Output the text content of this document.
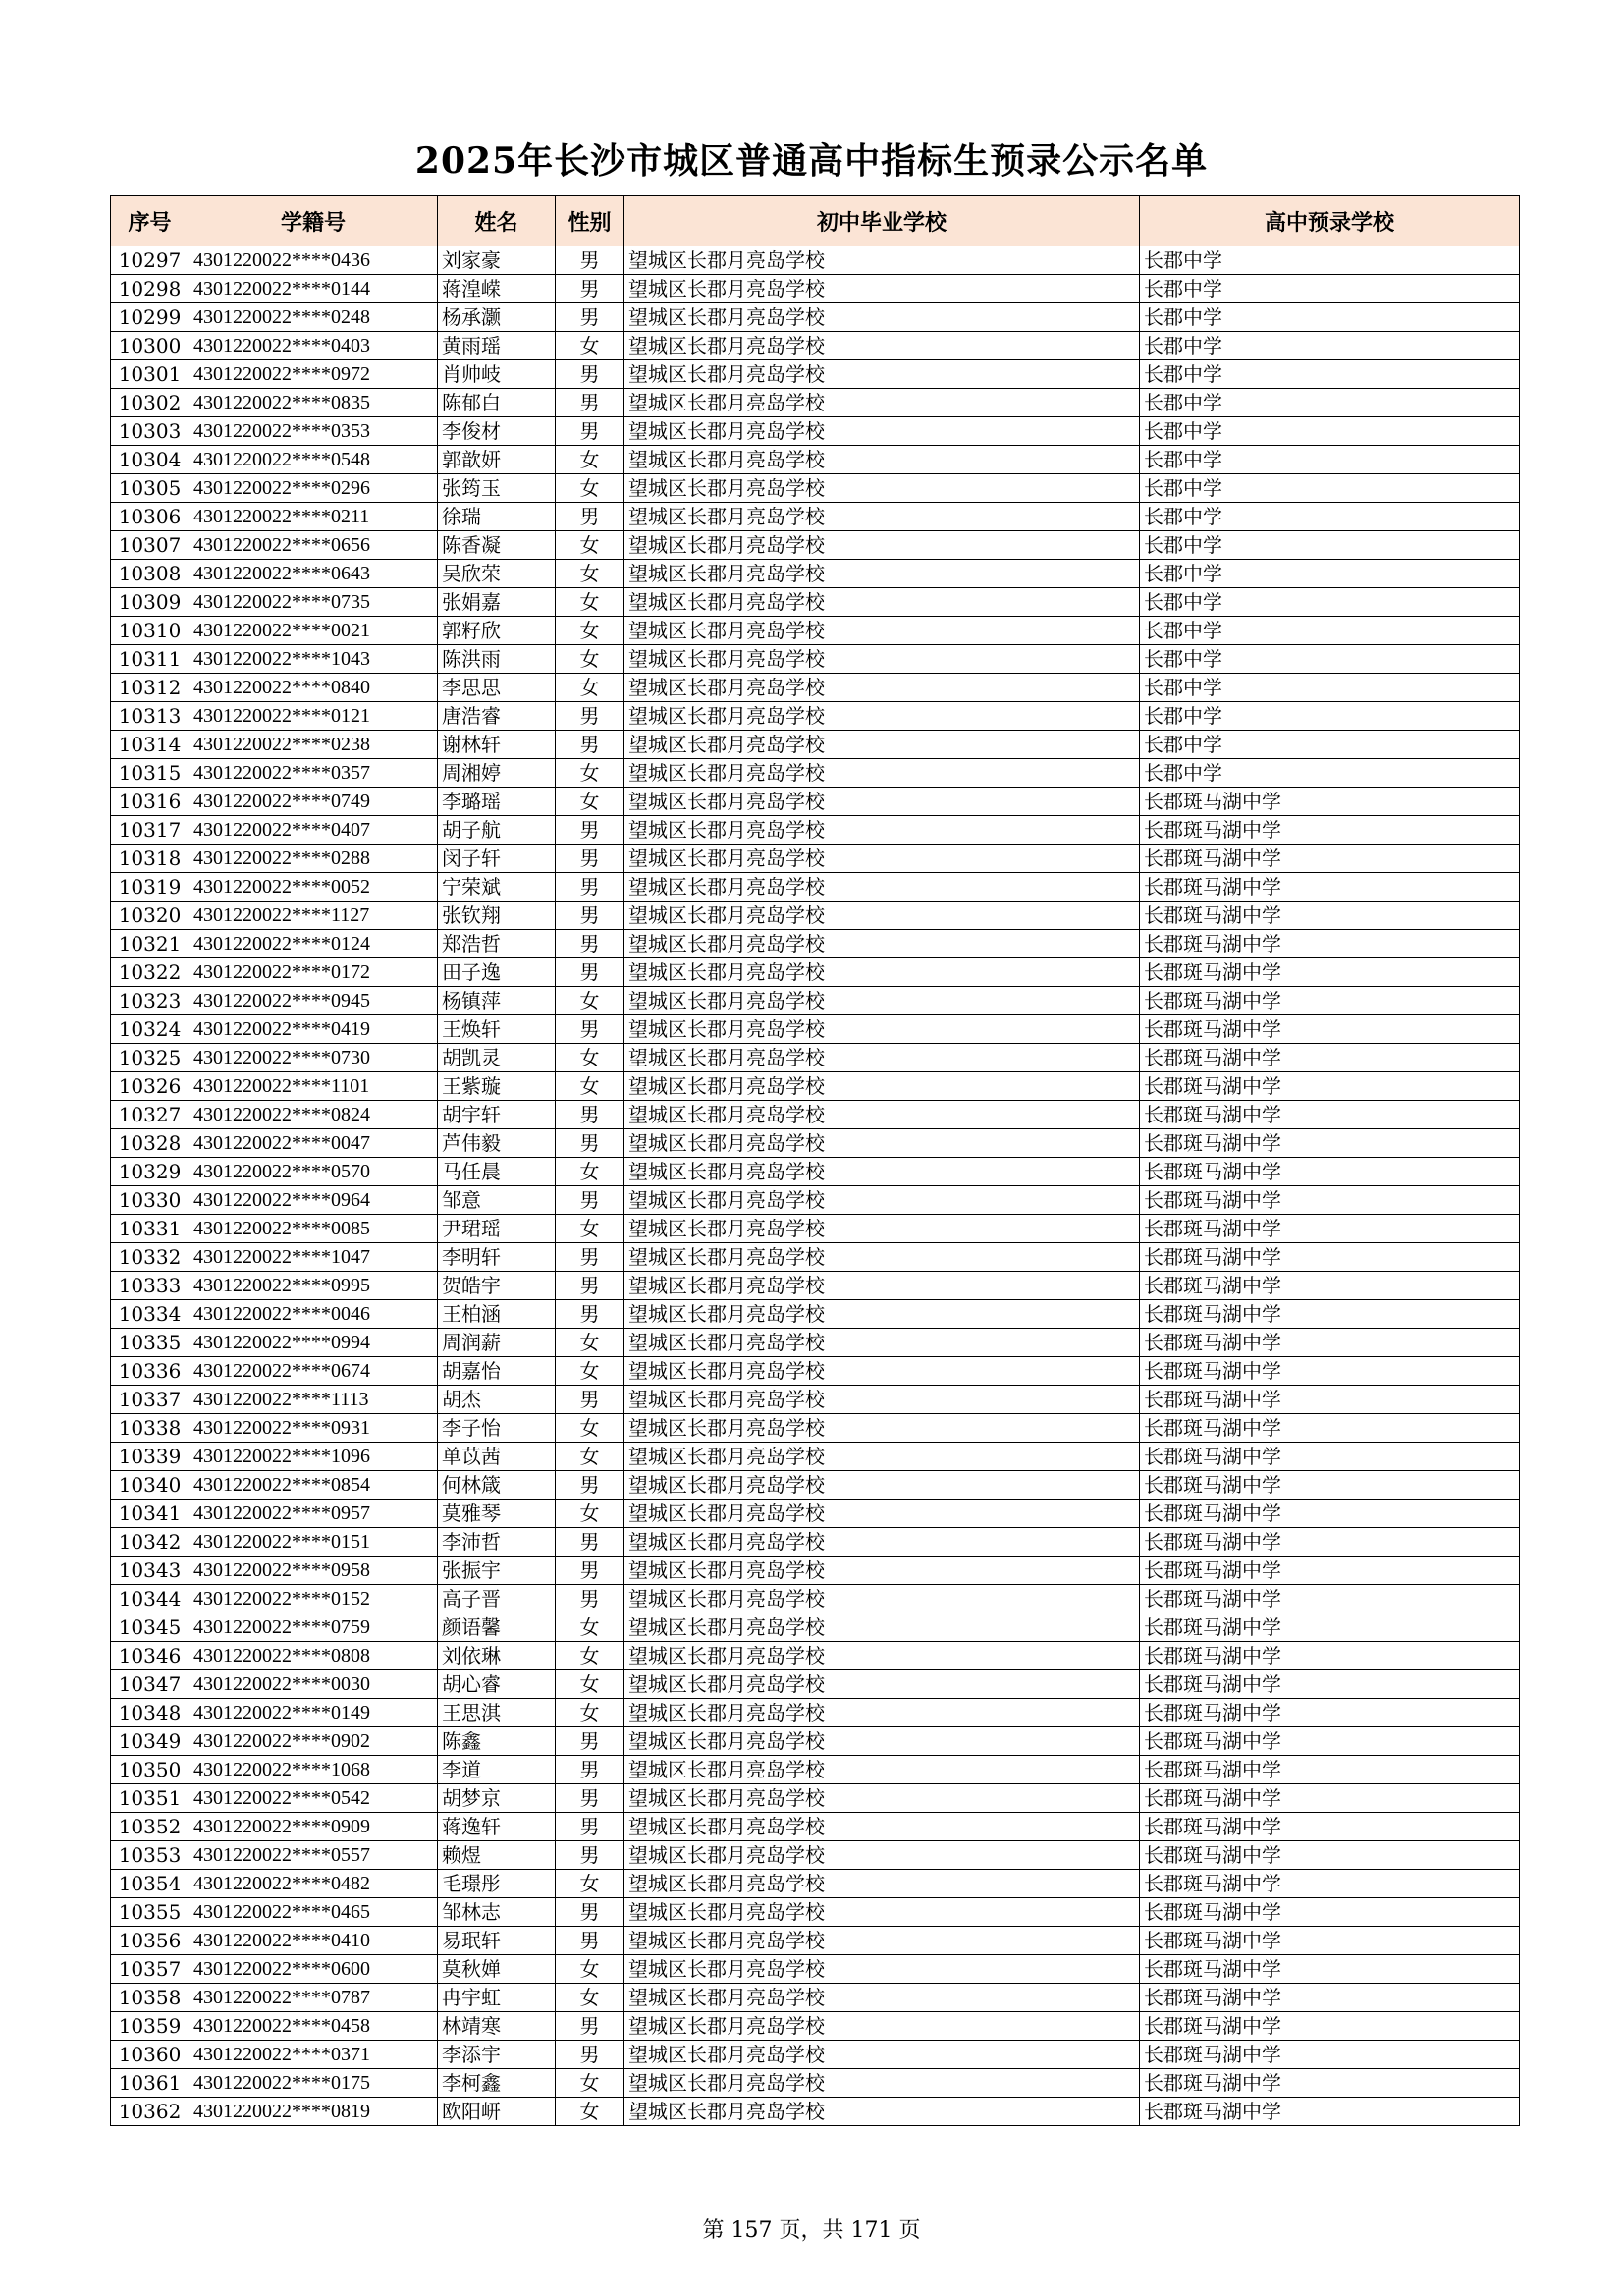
2025年长沙市城区普通高中指标生预录公示名单
序号	学籍号	姓名	性别	初中毕业学校	高中预录学校
10297	4301220022****0436	刘家豪	男	望城区长郡月亮岛学校	长郡中学
10298	4301220022****0144	蒋湟嵘	男	望城区长郡月亮岛学校	长郡中学
10299	4301220022****0248	杨承灏	男	望城区长郡月亮岛学校	长郡中学
10300	4301220022****0403	黄雨瑶	女	望城区长郡月亮岛学校	长郡中学
10301	4301220022****0972	肖帅岐	男	望城区长郡月亮岛学校	长郡中学
10302	4301220022****0835	陈郁白	男	望城区长郡月亮岛学校	长郡中学
10303	4301220022****0353	李俊材	男	望城区长郡月亮岛学校	长郡中学
10304	4301220022****0548	郭歆妍	女	望城区长郡月亮岛学校	长郡中学
10305	4301220022****0296	张筠玉	女	望城区长郡月亮岛学校	长郡中学
10306	4301220022****0211	徐瑞	男	望城区长郡月亮岛学校	长郡中学
10307	4301220022****0656	陈香凝	女	望城区长郡月亮岛学校	长郡中学
10308	4301220022****0643	吴欣荣	女	望城区长郡月亮岛学校	长郡中学
10309	4301220022****0735	张娟嘉	女	望城区长郡月亮岛学校	长郡中学
10310	4301220022****0021	郭籽欣	女	望城区长郡月亮岛学校	长郡中学
10311	4301220022****1043	陈洪雨	女	望城区长郡月亮岛学校	长郡中学
10312	4301220022****0840	李思思	女	望城区长郡月亮岛学校	长郡中学
10313	4301220022****0121	唐浩睿	男	望城区长郡月亮岛学校	长郡中学
10314	4301220022****0238	谢林轩	男	望城区长郡月亮岛学校	长郡中学
10315	4301220022****0357	周湘婷	女	望城区长郡月亮岛学校	长郡中学
10316	4301220022****0749	李璐瑶	女	望城区长郡月亮岛学校	长郡斑马湖中学
10317	4301220022****0407	胡子航	男	望城区长郡月亮岛学校	长郡斑马湖中学
10318	4301220022****0288	闵子轩	男	望城区长郡月亮岛学校	长郡斑马湖中学
10319	4301220022****0052	宁荣斌	男	望城区长郡月亮岛学校	长郡斑马湖中学
10320	4301220022****1127	张钦翔	男	望城区长郡月亮岛学校	长郡斑马湖中学
10321	4301220022****0124	郑浩哲	男	望城区长郡月亮岛学校	长郡斑马湖中学
10322	4301220022****0172	田子逸	男	望城区长郡月亮岛学校	长郡斑马湖中学
10323	4301220022****0945	杨镇萍	女	望城区长郡月亮岛学校	长郡斑马湖中学
10324	4301220022****0419	王焕轩	男	望城区长郡月亮岛学校	长郡斑马湖中学
10325	4301220022****0730	胡凯灵	女	望城区长郡月亮岛学校	长郡斑马湖中学
10326	4301220022****1101	王紫璇	女	望城区长郡月亮岛学校	长郡斑马湖中学
10327	4301220022****0824	胡宇轩	男	望城区长郡月亮岛学校	长郡斑马湖中学
10328	4301220022****0047	芦伟毅	男	望城区长郡月亮岛学校	长郡斑马湖中学
10329	4301220022****0570	马任晨	女	望城区长郡月亮岛学校	长郡斑马湖中学
10330	4301220022****0964	邹意	男	望城区长郡月亮岛学校	长郡斑马湖中学
10331	4301220022****0085	尹珺瑶	女	望城区长郡月亮岛学校	长郡斑马湖中学
10332	4301220022****1047	李明轩	男	望城区长郡月亮岛学校	长郡斑马湖中学
10333	4301220022****0995	贺皓宇	男	望城区长郡月亮岛学校	长郡斑马湖中学
10334	4301220022****0046	王柏涵	男	望城区长郡月亮岛学校	长郡斑马湖中学
10335	4301220022****0994	周润薪	女	望城区长郡月亮岛学校	长郡斑马湖中学
10336	4301220022****0674	胡嘉怡	女	望城区长郡月亮岛学校	长郡斑马湖中学
10337	4301220022****1113	胡杰	男	望城区长郡月亮岛学校	长郡斑马湖中学
10338	4301220022****0931	李子怡	女	望城区长郡月亮岛学校	长郡斑马湖中学
10339	4301220022****1096	单苡茜	女	望城区长郡月亮岛学校	长郡斑马湖中学
10340	4301220022****0854	何林箴	男	望城区长郡月亮岛学校	长郡斑马湖中学
10341	4301220022****0957	莫雅琴	女	望城区长郡月亮岛学校	长郡斑马湖中学
10342	4301220022****0151	李沛哲	男	望城区长郡月亮岛学校	长郡斑马湖中学
10343	4301220022****0958	张振宇	男	望城区长郡月亮岛学校	长郡斑马湖中学
10344	4301220022****0152	高子晋	男	望城区长郡月亮岛学校	长郡斑马湖中学
10345	4301220022****0759	颜语馨	女	望城区长郡月亮岛学校	长郡斑马湖中学
10346	4301220022****0808	刘依琳	女	望城区长郡月亮岛学校	长郡斑马湖中学
10347	4301220022****0030	胡心睿	女	望城区长郡月亮岛学校	长郡斑马湖中学
10348	4301220022****0149	王思淇	女	望城区长郡月亮岛学校	长郡斑马湖中学
10349	4301220022****0902	陈鑫	男	望城区长郡月亮岛学校	长郡斑马湖中学
10350	4301220022****1068	李道	男	望城区长郡月亮岛学校	长郡斑马湖中学
10351	4301220022****0542	胡梦京	男	望城区长郡月亮岛学校	长郡斑马湖中学
10352	4301220022****0909	蒋逸轩	男	望城区长郡月亮岛学校	长郡斑马湖中学
10353	4301220022****0557	赖煜	男	望城区长郡月亮岛学校	长郡斑马湖中学
10354	4301220022****0482	毛璟彤	女	望城区长郡月亮岛学校	长郡斑马湖中学
10355	4301220022****0465	邹林志	男	望城区长郡月亮岛学校	长郡斑马湖中学
10356	4301220022****0410	易珉轩	男	望城区长郡月亮岛学校	长郡斑马湖中学
10357	4301220022****0600	莫秋婵	女	望城区长郡月亮岛学校	长郡斑马湖中学
10358	4301220022****0787	冉宇虹	女	望城区长郡月亮岛学校	长郡斑马湖中学
10359	4301220022****0458	林靖寒	男	望城区长郡月亮岛学校	长郡斑马湖中学
10360	4301220022****0371	李添宇	男	望城区长郡月亮岛学校	长郡斑马湖中学
10361	4301220022****0175	李柯鑫	女	望城区长郡月亮岛学校	长郡斑马湖中学
10362	4301220022****0819	欧阳岍	女	望城区长郡月亮岛学校	长郡斑马湖中学
第 157 页，共 171 页
